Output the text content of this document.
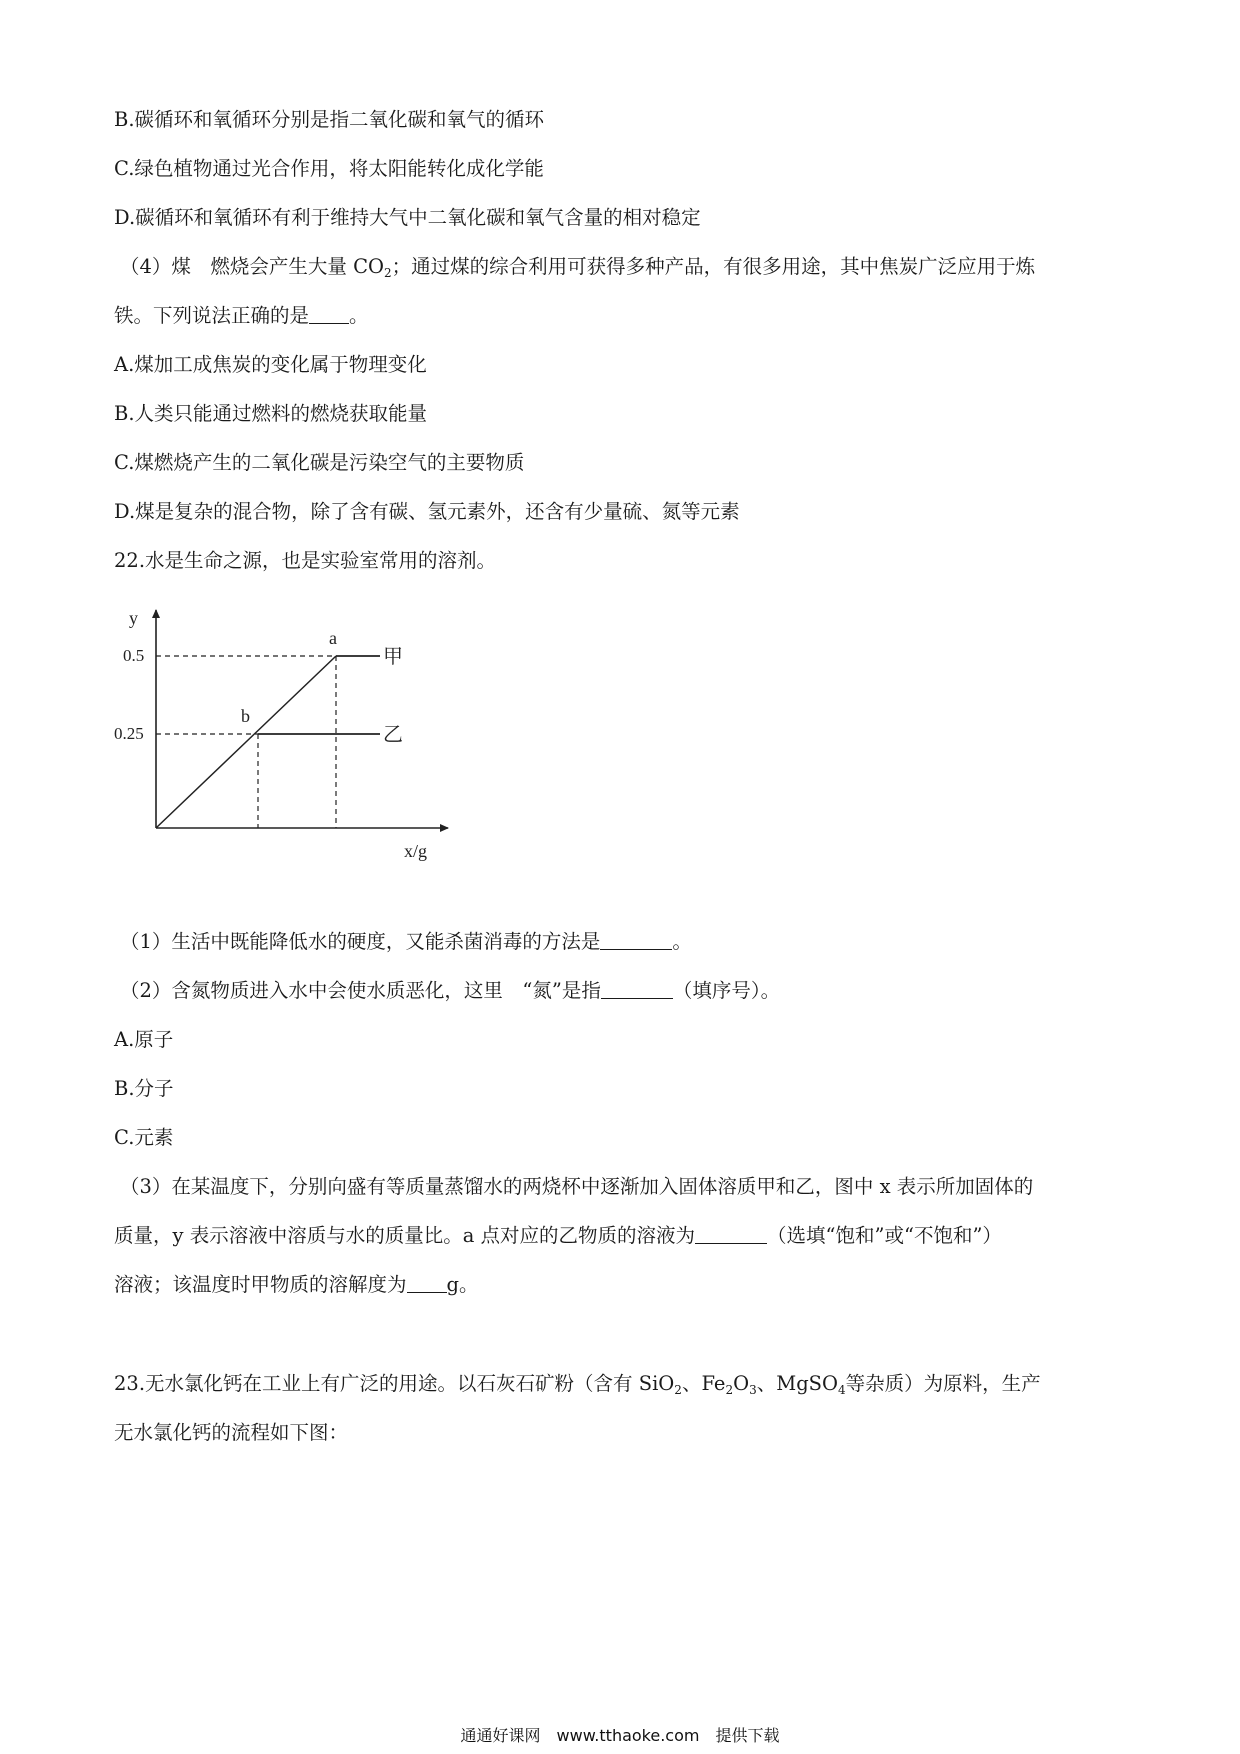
B.碳循环和氧循环分别是指二氧化碳和氧气的循环
C.绿色植物通过光合作用，将太阳能转化成化学能
D.碳循环和氧循环有利于维持大气中二氧化碳和氧气含量的相对稳定
（4）煤　燃烧会产生大量 $CO_2$；通过煤的综合利用可获得多种产品，有很多用途，其中焦炭广泛应用于炼
铁。下列说法正确的是 。
A.煤加工成焦炭的变化属于物理变化
B.人类只能通过燃料的燃烧获取能量
C.煤燃烧产生的二氧化碳是污染空气的主要物质
D.煤是复杂的混合物，除了含有碳、氢元素外，还含有少量硫、氮等元素
22.水是生命之源，也是实验室常用的溶剂。
y
x/g
0.5
0.25
a
b
甲
乙
（1）生活中既能降低水的硬度，又能杀菌消毒的方法是	。
（2）含氮物质进入水中会使水质恶化，这里　“氮”是指	（填序号）。
A.原子
B.分子
C.元素
（3）在某温度下，分别向盛有等质量蒸馏水的两烧杯中逐渐加入固体溶质甲和乙，图中 x 表示所加固体的
质量，y 表示溶液中溶质与水的质量比。a 点对应的乙物质的溶液为	（选填“饱和”或“不饱和”）
溶液；该温度时甲物质的溶解度为 g。
23.无水氯化钙在工业上有广泛的用途。以石灰石矿粉（含有 SiO$_2$、$Fe_2O_3$、MgSO$_4$等杂质）为原料，生产
无水氯化钙的流程如下图：
通通好课网　www.tthaoke.com　提供下载
